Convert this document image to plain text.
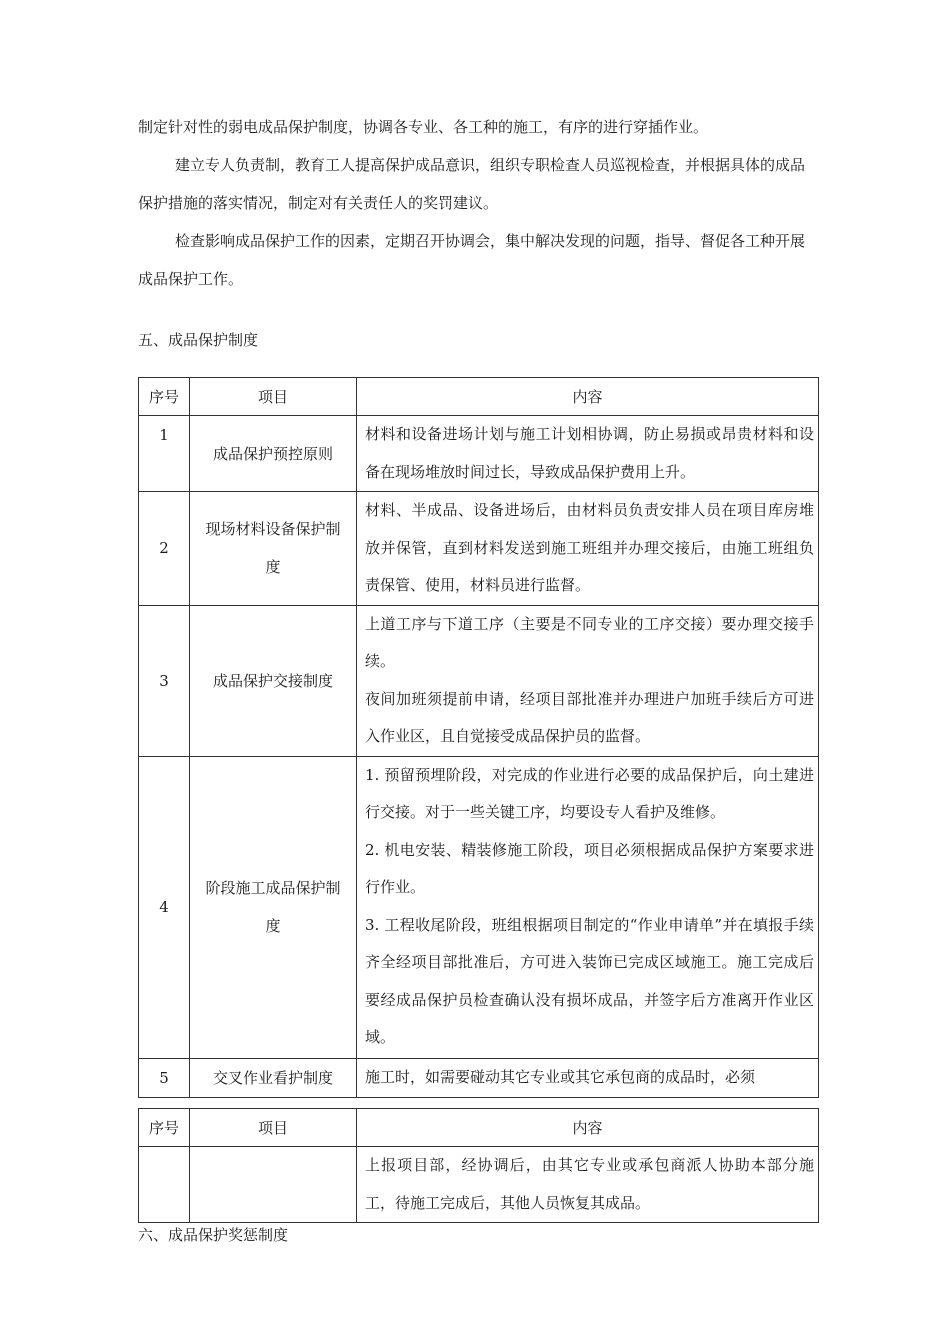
制定针对性的弱电成品保护制度，协调各专业、各工种的施工，有序的进行穿插作业。

建立专人负责制，教育工人提高保护成品意识，组织专职检查人员巡视检查，并根据具体的成品保护措施的落实情况，制定对有关责任人的奖罚建议。

检查影响成品保护工作的因素，定期召开协调会，集中解决发现的问题，指导、督促各工种开展成品保护工作。

五、成品保护制度

序号	项目	内容
1	成品保护预控原则	材料和设备进场计划与施工计划相协调，防止易损或昂贵材料和设备在现场堆放时间过长，导致成品保护费用上升。

2	现场材料设备保护制度	材料、半成品、设备进场后，由材料员负责安排人员在项目库房堆放并保管，直到材料发送到施工班组并办理交接后，由施工班组负责保管、使用，材料员进行监督。

3	成品保护交接制度	上道工序与下道工序（主要是不同专业的工序交接）要办理交接手续。
夜间加班须提前申请，经项目部批准并办理进户加班手续后方可进入作业区，且自觉接受成品保护员的监督。

4	阶段施工成品保护制度	1. 预留预埋阶段，对完成的作业进行必要的成品保护后，向土建进行交接。对于一些关键工序，均要设专人看护及维修。
2. 机电安装、精装修施工阶段，项目必须根据成品保护方案要求进行作业。
3. 工程收尾阶段，班组根据项目制定的“作业申请单”并在填报手续齐全经项目部批准后，方可进入装饰已完成区域施工。施工完成后要经成品保护员检查确认没有损坏成品，并签字后方准离开作业区域。

5	交叉作业看护制度	施工时，如需要碰动其它专业或其它承包商的成品时，必须
序号	项目	内容

		上报项目部，经协调后，由其它专业或承包商派人协助本部分施工，待施工完成后，其他人员恢复其成品。

六、成品保护奖惩制度
